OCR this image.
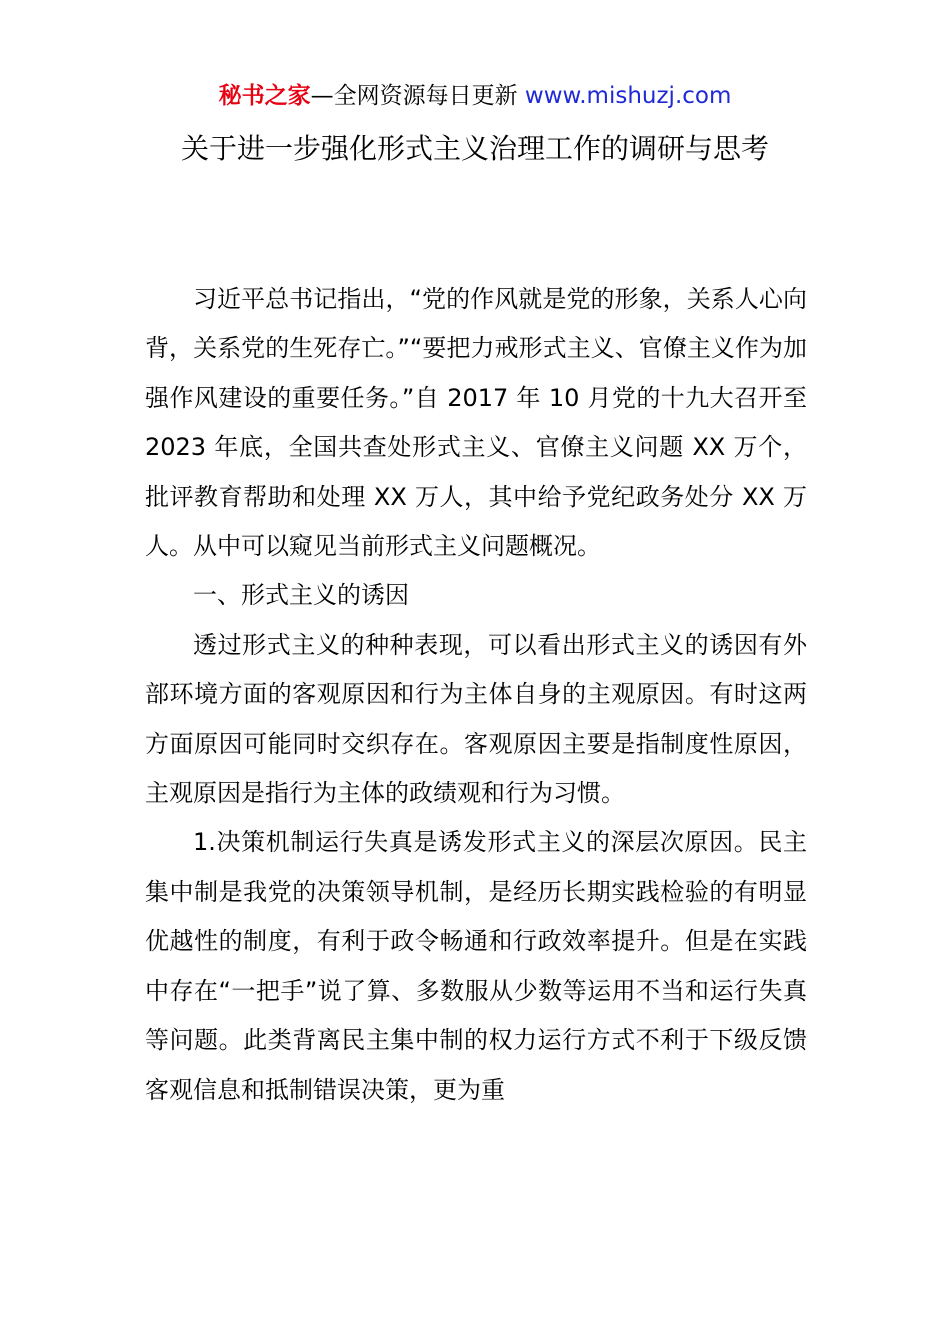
秘书之家—全网资源每日更新 www.mishuzj.com
关于进一步强化形式主义治理工作的调研与思考

习近平总书记指出，“党的作风就是党的形象，关系人心向背，关系党的生死存亡。”“要把力戒形式主义、官僚主义作为加强作风建设的重要任务。”自 2017 年 10 月党的十九大召开至 2023 年底，全国共查处形式主义、官僚主义问题 XX 万个，批评教育帮助和处理 XX 万人，其中给予党纪政务处分 XX 万人。从中可以窥见当前形式主义问题概况。

一、形式主义的诱因

透过形式主义的种种表现，可以看出形式主义的诱因有外部环境方面的客观原因和行为主体自身的主观原因。有时这两方面原因可能同时交织存在。客观原因主要是指制度性原因，主观原因是指行为主体的政绩观和行为习惯。

1.决策机制运行失真是诱发形式主义的深层次原因。民主集中制是我党的决策领导机制，是经历长期实践检验的有明显优越性的制度，有利于政令畅通和行政效率提升。但是在实践中存在“一把手”说了算、多数服从少数等运用不当和运行失真等问题。此类背离民主集中制的权力运行方式不利于下级反馈客观信息和抵制错误决策，更为重
